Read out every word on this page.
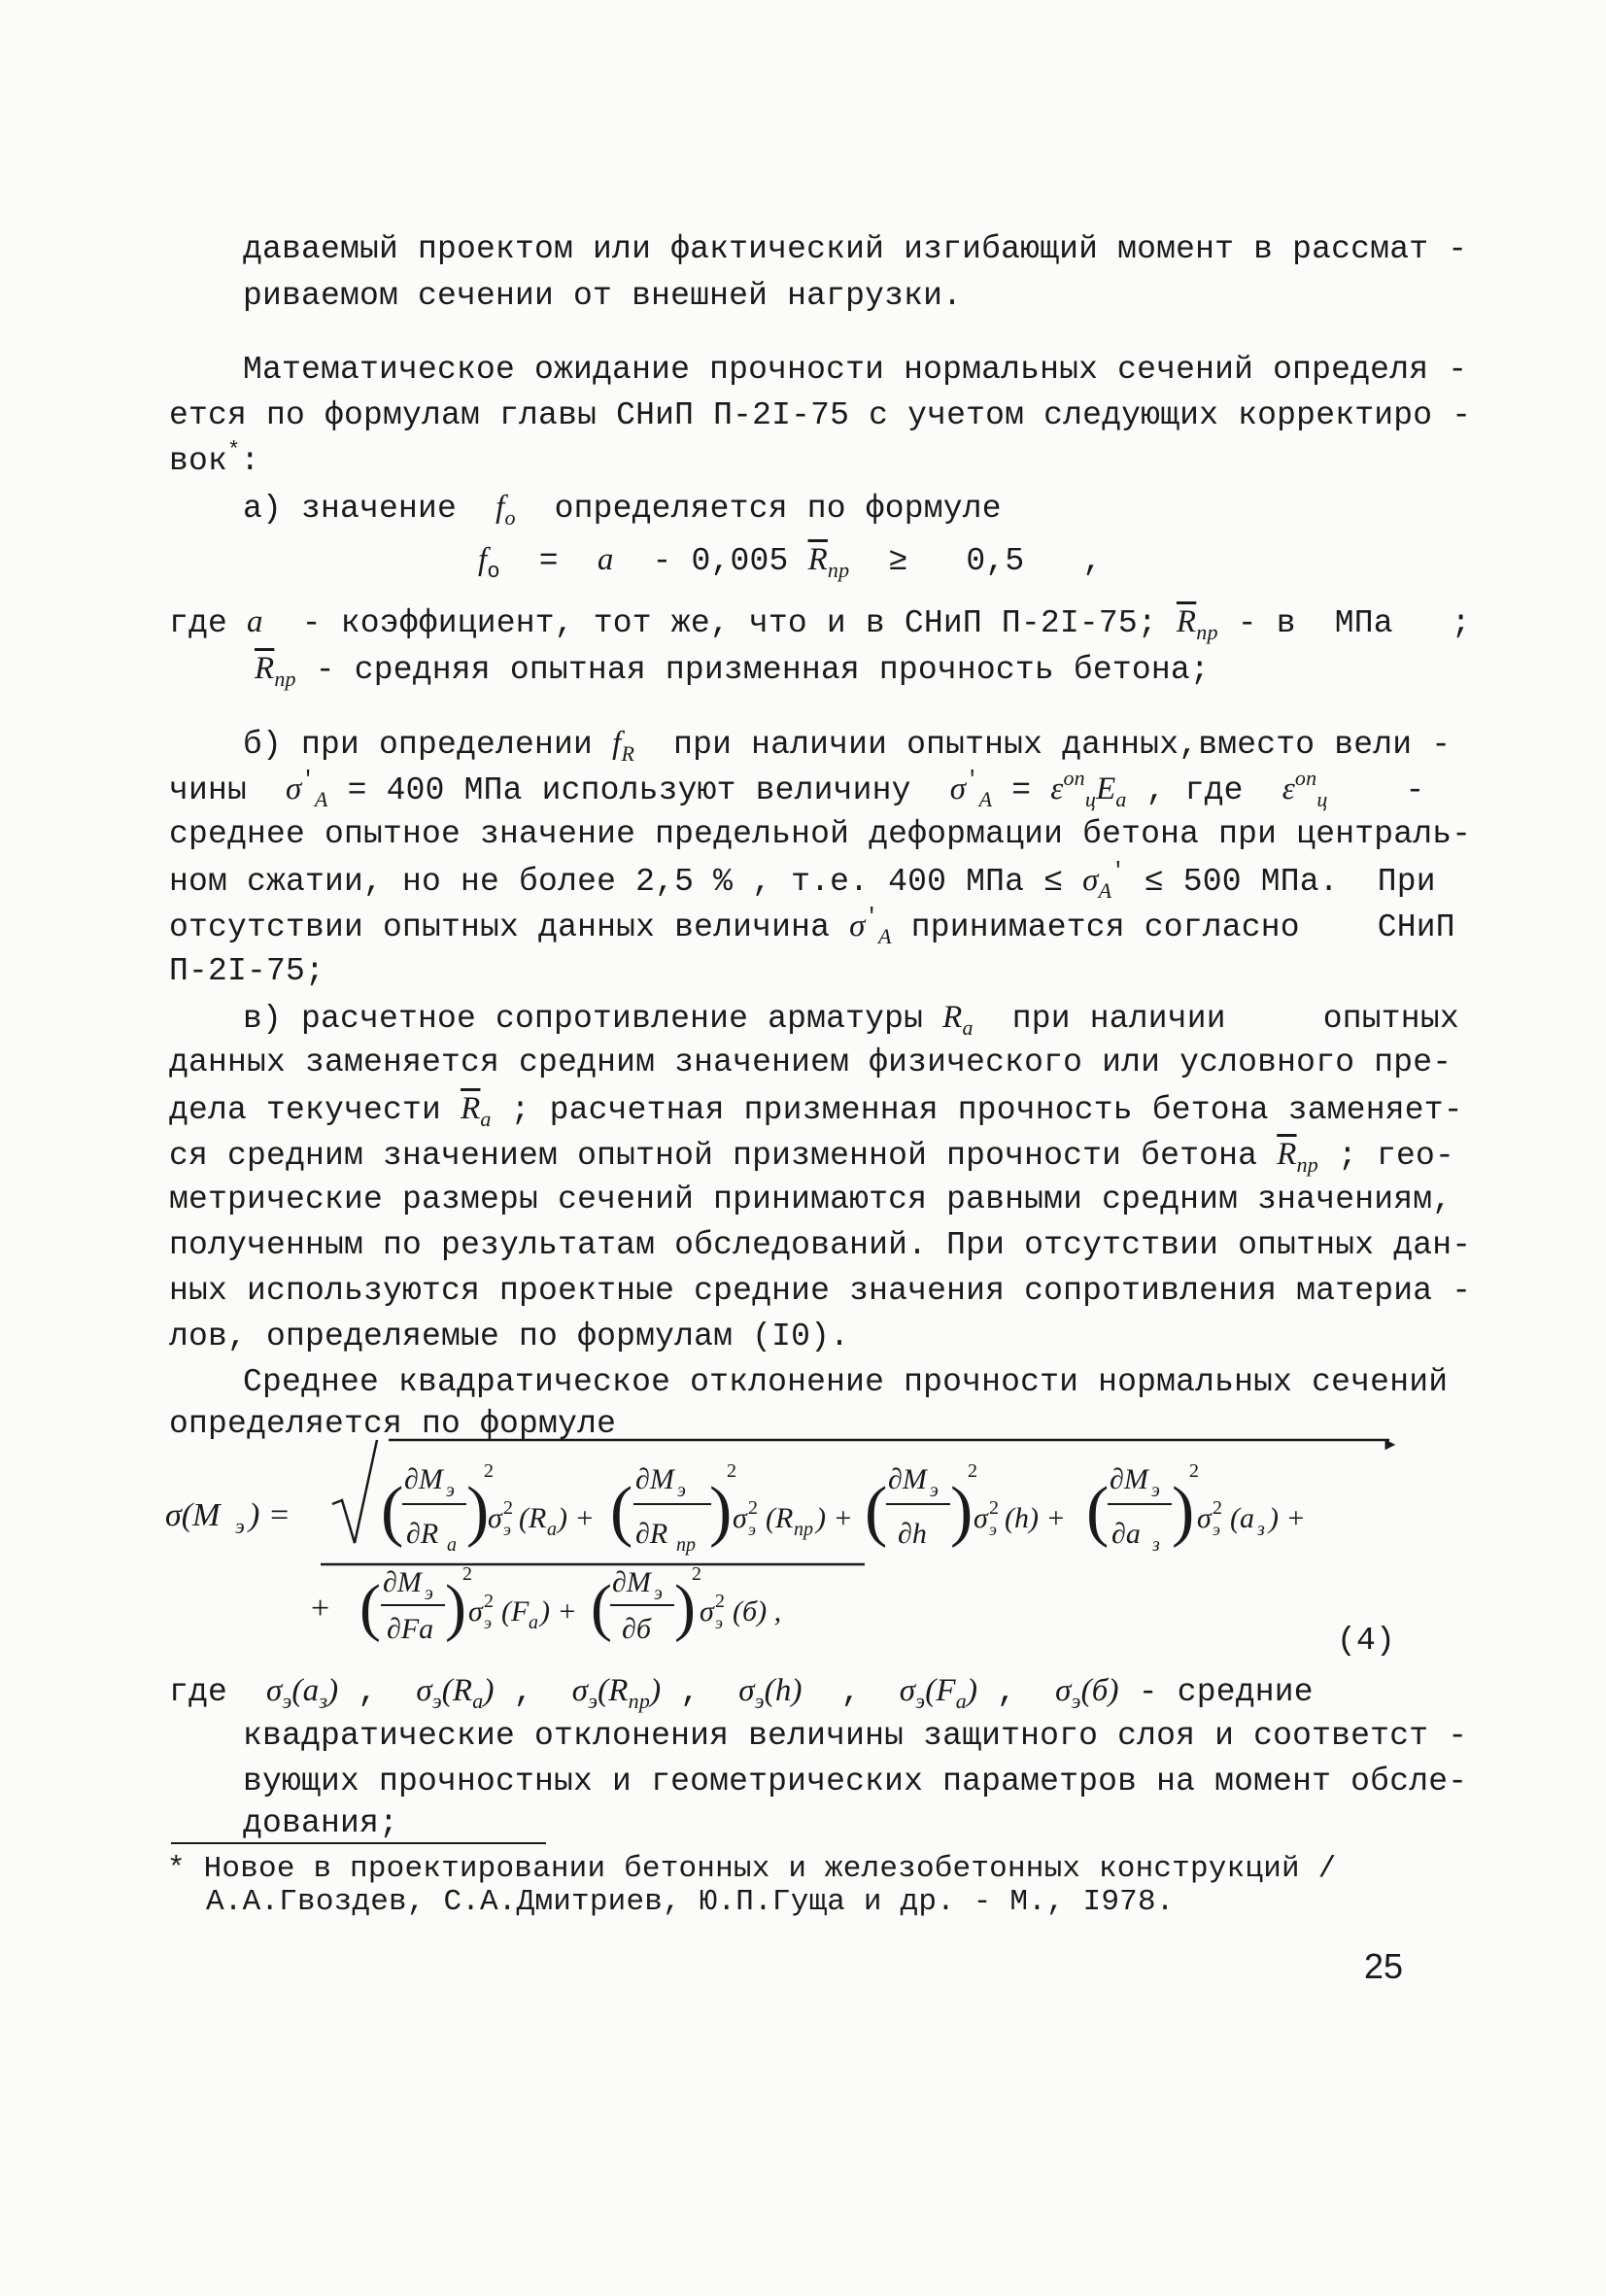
даваемый проектом или фактический изгибающий момент в рассмат -
риваемом сечении от внешней нагрузки.
Математическое ожидание прочности нормальных сечений определя -
ется по формулам главы СНиП П-2I-75 с учетом следующих корректиро -
вок*:
а) значение $f_o$ определяется по формуле
$f_o = a - 0,005$ $\overline{R}_{пр} \ge 0,5$   ,
где a - коэффициент, тот же, что и в СНиП П-2I-75; $\overline{R}_{пр}$ - в МПа ;
$\overline{R}_{пр}$ - средняя опытная призменная прочность бетона;
б) при определении $f_R$ при наличии опытных данных,вместо вели -
чины $\sigma'_A = 400$ МПа используют величину $\sigma'_A = \varepsilon^{оп}_цE_a$ , где $\varepsilon^{оп}_ц$ -
среднее опытное значение предельной деформации бетона при централь-
ном сжатии, но не более 2,5 % , т.е. 400 МПа ≤ $\sigma_A' \le 500$ МПа. При
отсутствии опытных данных величина $\sigma'_A$ принимается согласно СНиП
П-2I-75;
в) расчетное сопротивление арматуры $R_a$ при наличии	опытных
данных заменяется средним значением физического или условного пре-
дела текучести $\overline{R}_a$ ; расчетная призменная прочность бетона заменяет-
ся средним значением опытной призменной прочности бетона $\overline{R}_{пр}$ ; гео-
метрические размеры сечений принимаются равными средним значениям,
полученным по результатам обследований. При отсутствии опытных дан-
ных используются проектные средние значения сопротивления материа -
лов, определяемые по формулам (I0).
Среднее квадратическое отклонение прочности нормальных сечений
определяется по формуле
►
σ(M э ) = ( ∂M э
∂R a )
2
σ 2
э (R a ) + ( ∂M э
∂R пр )
2
σ 2
э (R пр ) + ( ∂M э
∂h )
2
σ 2
э (h) + ( ∂M э
∂a з )
2
σ 2
э (a з ) +
+ ( ∂M э
∂Fa )
2
σ 2
э (F a ) + ( ∂M э
∂б )
2
σ 2
э (б) ,
(4)
где $\sigma_э(a_з)$ ,  $\sigma_э(R_a)$ ,  $\sigma_э(R_{пр})$ ,  $\sigma_э(h)$  ,  $\sigma_э(F_a)$ ,  $\sigma_э(б)$ - средние
квадратические отклонения величины защитного слоя и соответст -
вующих прочностных и геометрических параметров на момент обсле-
дования;
* Новое в проектировании бетонных и железобетонных конструкций /
А.А.Гвоздев, С.А.Дмитриев, Ю.П.Гуща и др. - М., I978.
25
